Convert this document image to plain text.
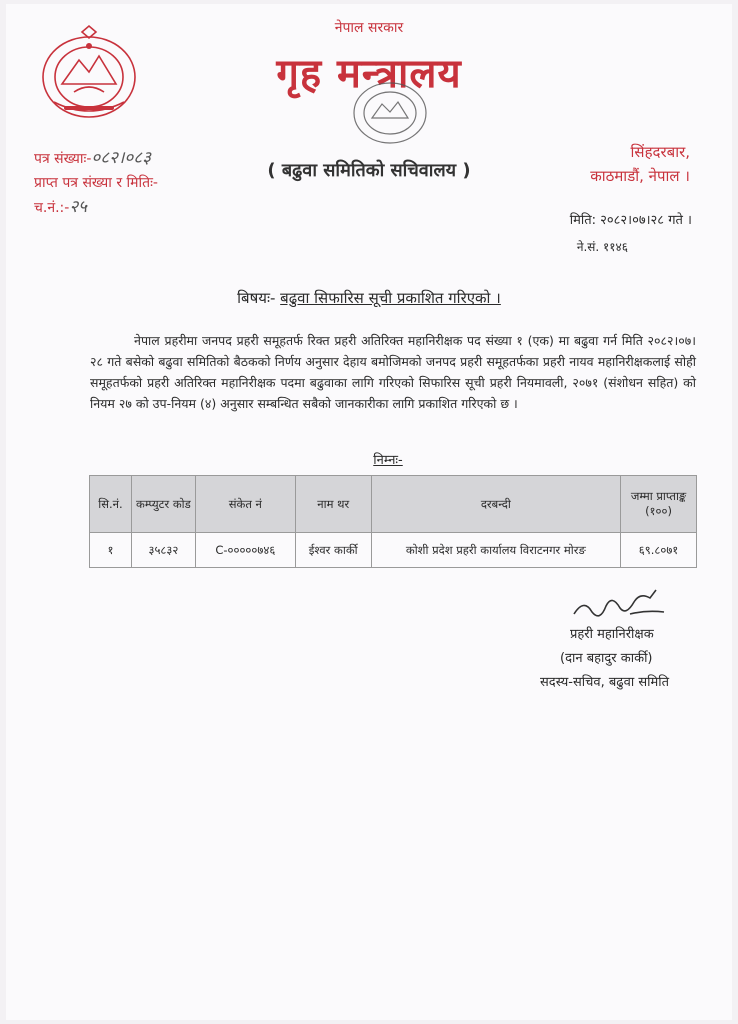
नेपाल सरकार
गृह मन्त्रालय
( बढुवा समितिको सचिवालय )
पत्र संख्याः-०८२।०८३
प्राप्त पत्र संख्या र मितिः-
च.नं.:-२५
सिंहदरबार,
काठमाडौं, नेपाल ।
मिति: २०८२।०७।२८ गते ।
ने.सं. ११४६
बिषयः- बढुवा सिफारिस सूची प्रकाशित गरिएको ।
नेपाल प्रहरीमा जनपद प्रहरी समूहतर्फ रिक्त प्रहरी अतिरिक्त महानिरीक्षक पद संख्या १ (एक) मा बढुवा गर्न मिति २०८२।०७।२८ गते बसेको बढुवा समितिको बैठकको निर्णय अनुसार देहाय बमोजिमको जनपद प्रहरी समूहतर्फका प्रहरी नायव महानिरीक्षकलाई सोही समूहतर्फको प्रहरी अतिरिक्त महानिरीक्षक पदमा बढुवाका लागि गरिएको सिफारिस सूची प्रहरी नियमावली, २०७१ (संशोधन सहित) को नियम २७ को उप-नियम (४) अनुसार सम्बन्धित सबैको जानकारीका लागि प्रकाशित गरिएको छ ।
निम्नः-
सि.नं.	कम्प्युटर कोड	संकेत नं	नाम थर	दरबन्दी	जम्मा प्राप्ताङ्क (१००)
१	३५८३२	C-०००००७४६	ईश्वर कार्की	कोशी प्रदेश प्रहरी कार्यालय विराटनगर मोरङ	६९.८०७१
प्रहरी महानिरीक्षक
(दान बहादुर कार्की)
सदस्य-सचिव, बढुवा समिति
